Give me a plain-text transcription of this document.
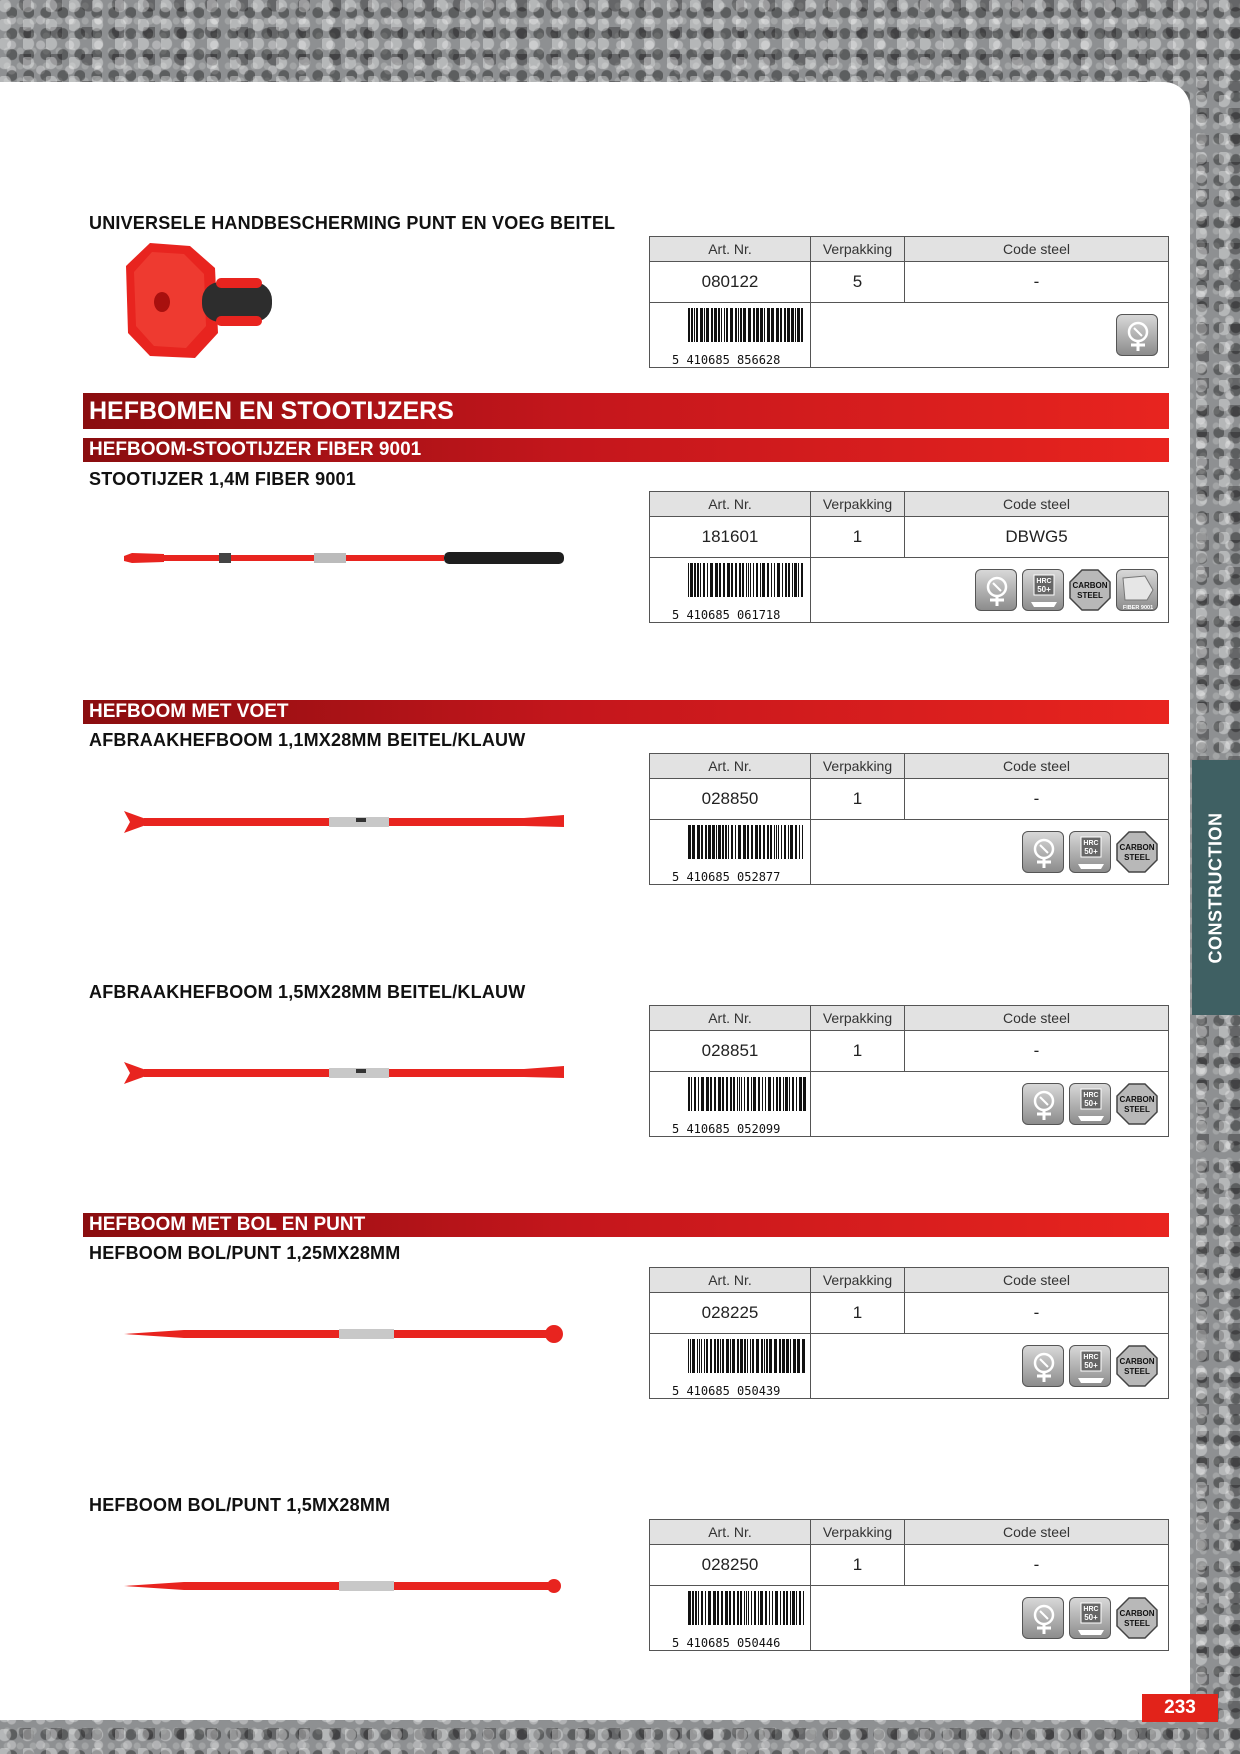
UNIVERSELE HANDBESCHERMING PUNT EN VOEG BEITEL
Art. Nr.	Verpakking	Code steel
080122	5	-
5 410685 856628
HEFBOMEN EN STOOTIJZERS
HEFBOOM-STOOTIJZER FIBER 9001
STOOTIJZER 1,4M FIBER 9001
Art. Nr.	Verpakking	Code steel
181601	1	DBWG5
5 410685 061718
HRC
50+	CARBON
STEEL
FIBER 9001
HEFBOOM MET VOET
AFBRAAKHEFBOOM 1,1MX28MM BEITEL/KLAUW
Art. Nr.	Verpakking	Code steel
028850	1	-
5 410685 052877
HRC
50+	CARBON
STEEL
AFBRAAKHEFBOOM 1,5MX28MM BEITEL/KLAUW
Art. Nr.	Verpakking	Code steel
028851	1	-
5 410685 052099
HRC
50+	CARBON
STEEL
HEFBOOM MET BOL EN PUNT
HEFBOOM BOL/PUNT 1,25MX28MM
Art. Nr.	Verpakking	Code steel
028225	1	-
5 410685 050439
HRC
50+	CARBON
STEEL
HEFBOOM BOL/PUNT 1,5MX28MM
Art. Nr.	Verpakking	Code steel
028250	1	-
5 410685 050446
HRC
50+	CARBON
STEEL
CONSTRUCTION
233
